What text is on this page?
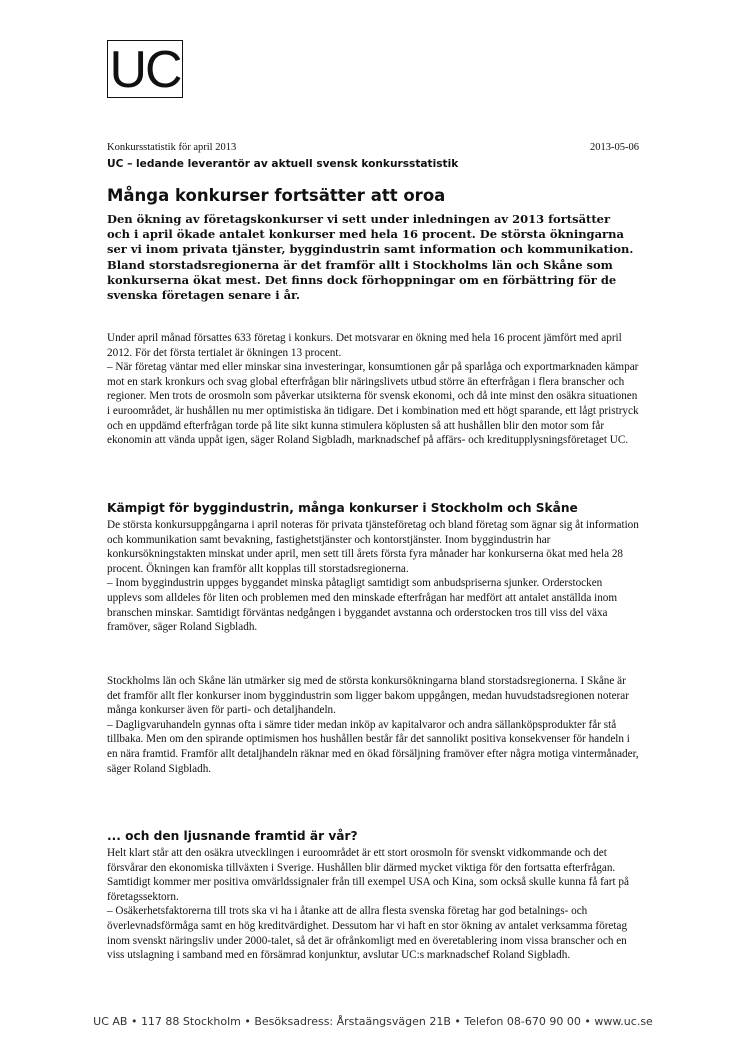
UC
Konkursstatistik för april 2013	2013-05-06
UC – ledande leverantör av aktuell svensk konkursstatistik
Många konkurser fortsätter att oroa

Den ökning av företagskonkurser vi sett under inledningen av 2013 fortsätter och i april ökade antalet konkurser med hela 16 procent. De största ökningarna ser vi inom privata tjänster, byggindustrin samt information och kommunikation. Bland storstadsregionerna är det framför allt i Stockholms län och Skåne som konkurserna ökat mest. Det finns dock förhoppningar om en förbättring för de svenska företagen senare i år.

Under april månad försattes 633 företag i konkurs. Det motsvarar en ökning med hela 16 procent jämfört med april 2012. För det första tertialet är ökningen 13 procent.

– När företag väntar med eller minskar sina investeringar, konsumtionen går på sparlåga och exportmarknaden kämpar mot en stark kronkurs och svag global efterfrågan blir näringslivets utbud större än efterfrågan i flera branscher och regioner. Men trots de orosmoln som påverkar utsikterna för svensk ekonomi, och då inte minst den osäkra situationen i euroområdet, är hushållen nu mer optimistiska än tidigare. Det i kombination med ett högt sparande, ett lågt pristryck och en uppdämd efterfrågan torde på lite sikt kunna stimulera köplusten så att hushållen blir den motor som får ekonomin att vända uppåt igen, säger Roland Sigbladh, marknadschef på affärs- och kreditupplysningsföretaget UC.

Kämpigt för byggindustrin, många konkurser i Stockholm och Skåne

De största konkursuppgångarna i april noteras för privata tjänsteföretag och bland företag som ägnar sig åt information och kommunikation samt bevakning, fastighetstjänster och kontorstjänster. Inom byggindustrin har konkursökningstakten minskat under april, men sett till årets första fyra månader har konkurserna ökat med hela 28 procent. Ökningen kan framför allt kopplas till storstadsregionerna.

– Inom byggindustrin uppges byggandet minska påtagligt samtidigt som anbudspriserna sjunker. Orderstocken upplevs som alldeles för liten och problemen med den minskade efterfrågan har medfört att antalet anställda inom branschen minskar. Samtidigt förväntas nedgången i byggandet avstanna och orderstocken tros till viss del växa framöver, säger Roland Sigbladh.

Stockholms län och Skåne län utmärker sig med de största konkursökningarna bland storstadsregionerna. I Skåne är det framför allt fler konkurser inom byggindustrin som ligger bakom uppgången, medan huvudstadsregionen noterar många konkurser även för parti- och detaljhandeln.

– Dagligvaruhandeln gynnas ofta i sämre tider medan inköp av kapitalvaror och andra sällanköpsprodukter får stå tillbaka. Men om den spirande optimismen hos hushållen består får det sannolikt positiva konsekvenser för handeln i en nära framtid. Framför allt detaljhandeln räknar med en ökad försäljning framöver efter några motiga vintermånader, säger Roland Sigbladh.

... och den ljusnande framtid är vår?

Helt klart står att den osäkra utvecklingen i euroområdet är ett stort orosmoln för svenskt vidkommande och det försvårar den ekonomiska tillväxten i Sverige. Hushållen blir därmed mycket viktiga för den fortsatta efterfrågan. Samtidigt kommer mer positiva omvärldssignaler från till exempel USA och Kina, som också skulle kunna få fart på företagssektorn.

– Osäkerhetsfaktorerna till trots ska vi ha i åtanke att de allra flesta svenska företag har god betalnings- och överlevnadsförmåga samt en hög kreditvärdighet. Dessutom har vi haft en stor ökning av antalet verksamma företag inom svenskt näringsliv under 2000-talet, så det är ofrånkomligt med en överetablering inom vissa branscher och en viss utslagning i samband med en försämrad konjunktur, avslutar UC:s marknadschef Roland Sigbladh.

UC AB • 117 88 Stockholm • Besöksadress: Årstaängsvägen 21B • Telefon 08-670 90 00 • www.uc.se
